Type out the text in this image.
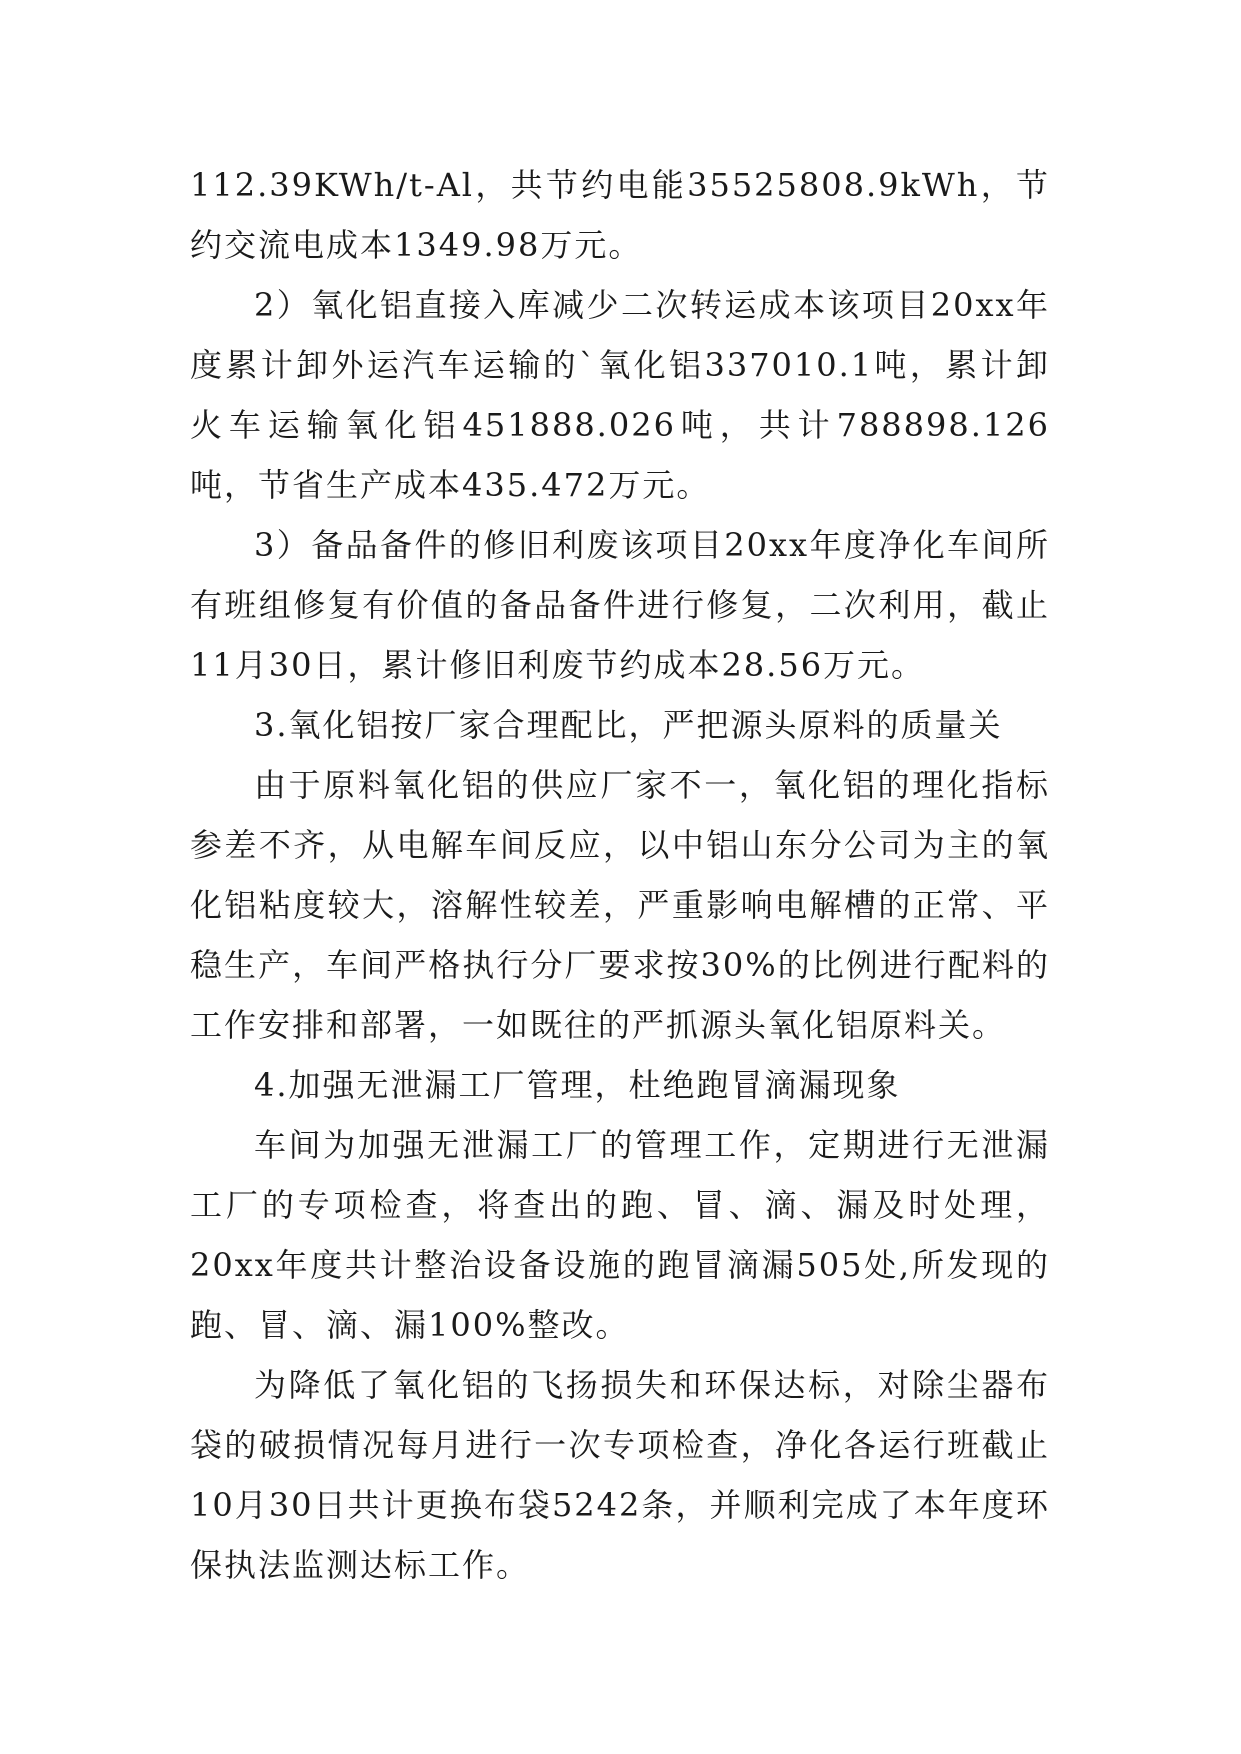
112.39KWh/t-Al，共节约电能35525808.9kWh，节约交流电成本1349.98万元。

2）氧化铝直接入库减少二次转运成本该项目20xx年度累计卸外运汽车运输的`氧化铝337010.1吨，累计卸火车运输氧化铝451888.026吨，共计788898.126吨，节省生产成本435.472万元。

3）备品备件的修旧利废该项目20xx年度净化车间所有班组修复有价值的备品备件进行修复，二次利用，截止11月30日，累计修旧利废节约成本28.56万元。

3.氧化铝按厂家合理配比，严把源头原料的质量关

由于原料氧化铝的供应厂家不一，氧化铝的理化指标参差不齐，从电解车间反应，以中铝山东分公司为主的氧化铝粘度较大，溶解性较差，严重影响电解槽的正常、平稳生产，车间严格执行分厂要求按30%的比例进行配料的工作安排和部署，一如既往的严抓源头氧化铝原料关。

4.加强无泄漏工厂管理，杜绝跑冒滴漏现象

车间为加强无泄漏工厂的管理工作，定期进行无泄漏工厂的专项检查，将查出的跑、冒、滴、漏及时处理，20xx年度共计整治设备设施的跑冒滴漏505处,所发现的跑、冒、滴、漏100%整改。

为降低了氧化铝的飞扬损失和环保达标，对除尘器布袋的破损情况每月进行一次专项检查，净化各运行班截止10月30日共计更换布袋5242条，并顺利完成了本年度环保执法监测达标工作。
